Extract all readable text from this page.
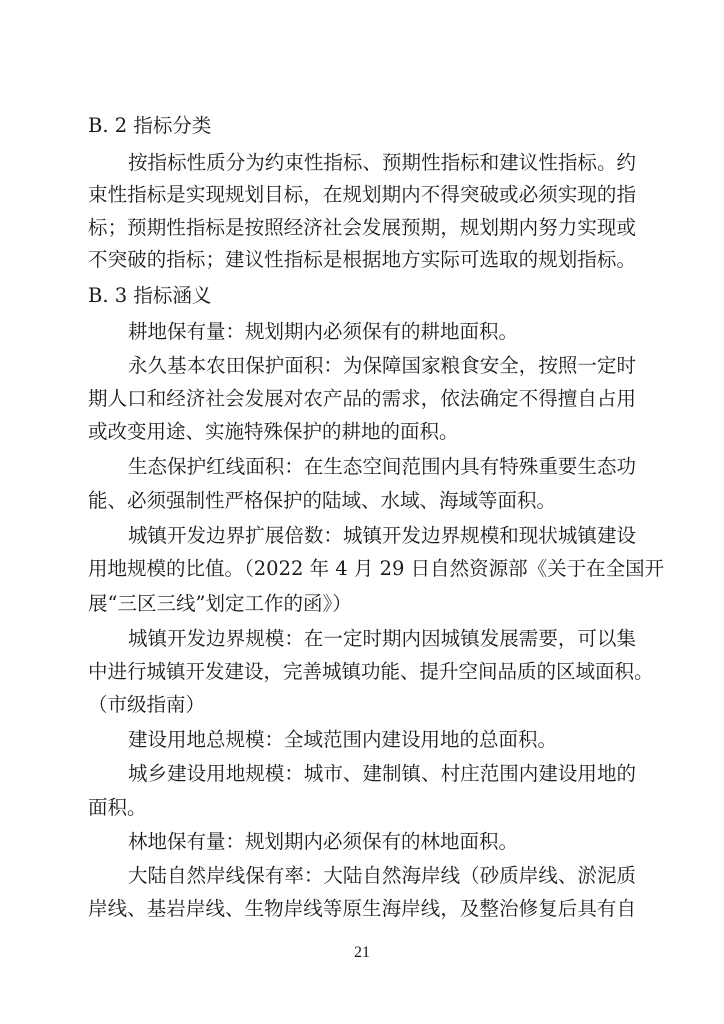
B. 2 指标分类
按指标性质分为约束性指标、预期性指标和建议性指标。约
束性指标是实现规划目标，在规划期内不得突破或必须实现的指
标；预期性指标是按照经济社会发展预期，规划期内努力实现或
不突破的指标；建议性指标是根据地方实际可选取的规划指标。
B. 3 指标涵义
耕地保有量：规划期内必须保有的耕地面积。
永久基本农田保护面积：为保障国家粮食安全，按照一定时
期人口和经济社会发展对农产品的需求，依法确定不得擅自占用
或改变用途、实施特殊保护的耕地的面积。
生态保护红线面积：在生态空间范围内具有特殊重要生态功
能、必须强制性严格保护的陆域、水域、海域等面积。
城镇开发边界扩展倍数：城镇开发边界规模和现状城镇建设
用地规模的比值。（2022 年 4 月 29 日自然资源部《关于在全国开
展“三区三线”划定工作的函》）
城镇开发边界规模：在一定时期内因城镇发展需要，可以集
中进行城镇开发建设，完善城镇功能、提升空间品质的区域面积。
（市级指南）
建设用地总规模：全域范围内建设用地的总面积。
城乡建设用地规模：城市、建制镇、村庄范围内建设用地的
面积。
林地保有量：规划期内必须保有的林地面积。
大陆自然岸线保有率：大陆自然海岸线（砂质岸线、淤泥质
岸线、基岩岸线、生物岸线等原生海岸线，及整治修复后具有自
21
